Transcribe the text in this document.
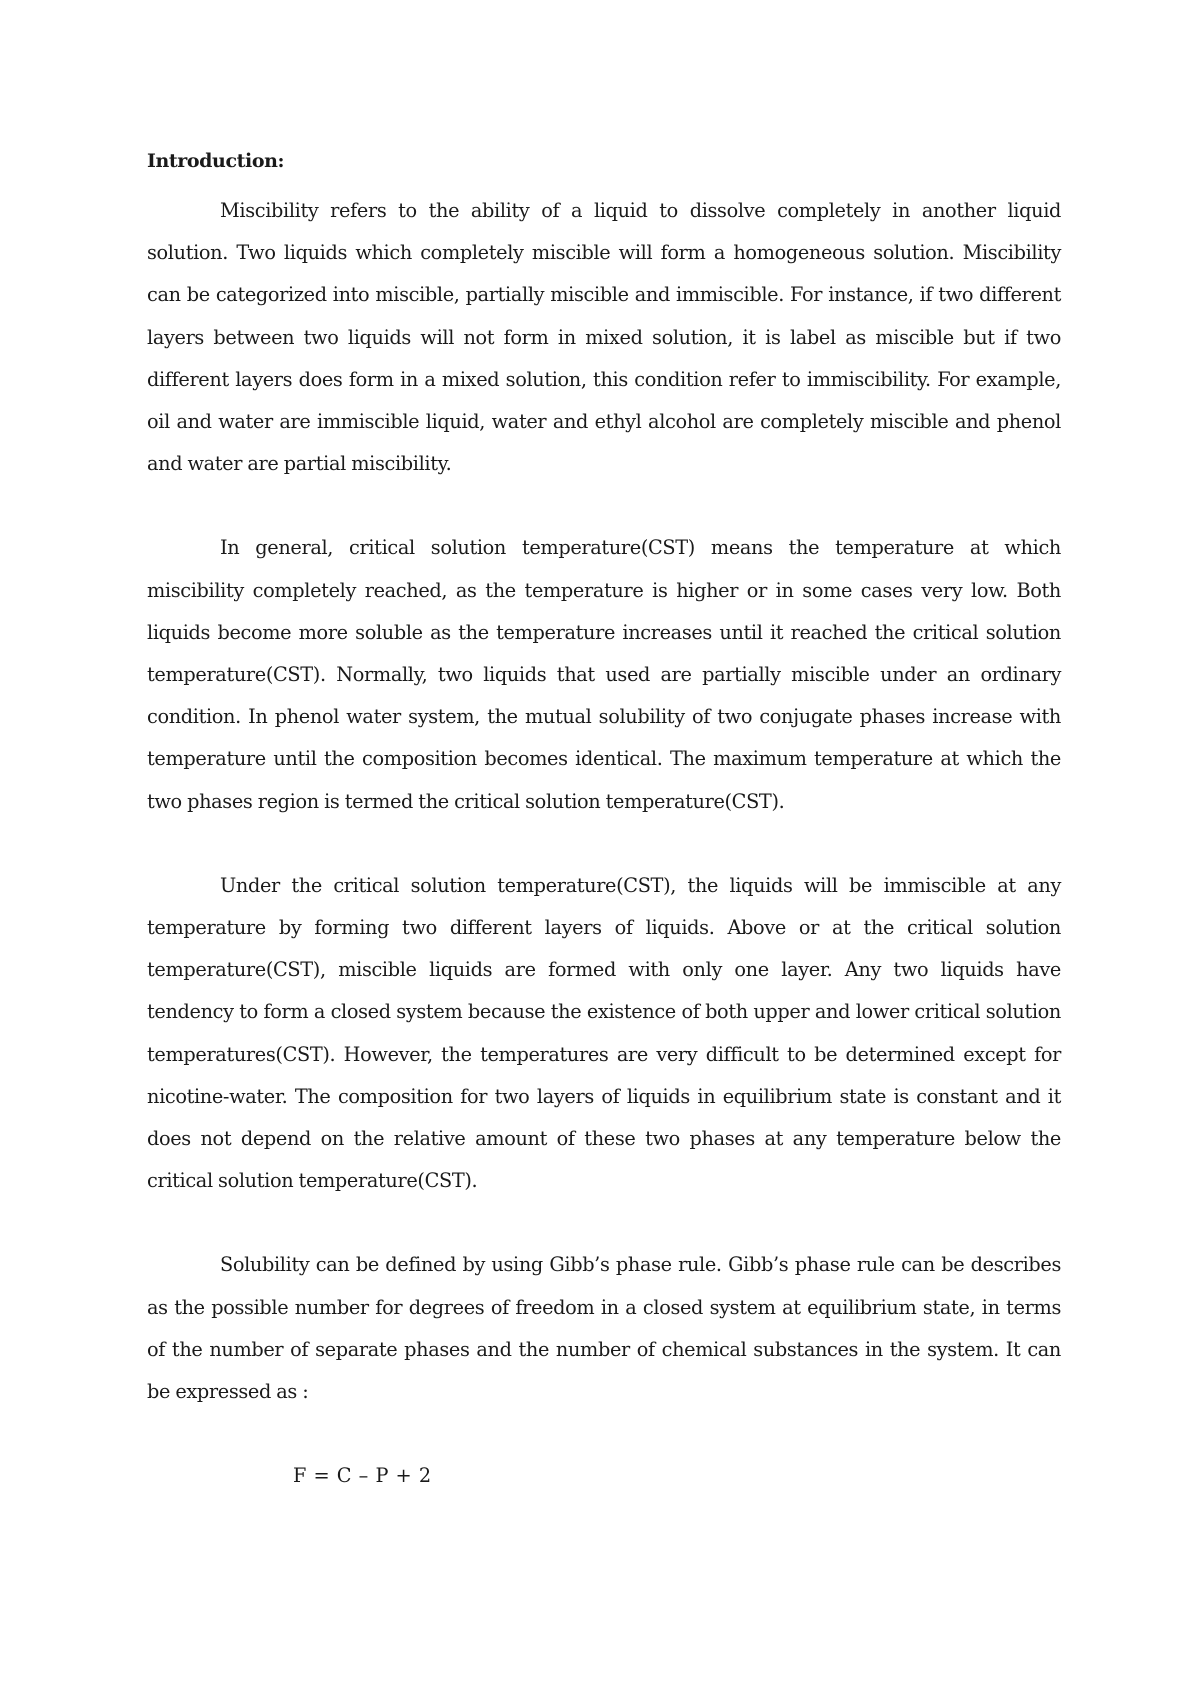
Introduction:

Miscibility refers to the ability of a liquid to dissolve completely in another liquid solution. Two liquids which completely miscible will form a homogeneous solution. Miscibility can be categorized into miscible, partially miscible and immiscible. For instance, if two different layers between two liquids will not form in mixed solution, it is label as miscible but if two different layers does form in a mixed solution, this condition refer to immiscibility. For example, oil and water are immiscible liquid, water and ethyl alcohol are completely miscible and phenol and water are partial miscibility.

In general, critical solution temperature(CST) means the temperature at which miscibility completely reached, as the temperature is higher or in some cases very low. Both liquids become more soluble as the temperature increases until it reached the critical solution temperature(CST). Normally, two liquids that used are partially miscible under an ordinary condition. In phenol water system, the mutual solubility of two conjugate phases increase with temperature until the composition becomes identical. The maximum temperature at which the two phases region is termed the critical solution temperature(CST).

Under the critical solution temperature(CST), the liquids will be immiscible at any temperature by forming two different layers of liquids. Above or at the critical solution temperature(CST), miscible liquids are formed with only one layer. Any two liquids have tendency to form a closed system because the existence of both upper and lower critical solution temperatures(CST). However, the temperatures are very difficult to be determined except for nicotine-water. The composition for two layers of liquids in equilibrium state is constant and it does not depend on the relative amount of these two phases at any temperature below the critical solution temperature(CST).

Solubility can be defined by using Gibb’s phase rule. Gibb’s phase rule can be describes as the possible number for degrees of freedom in a closed system at equilibrium state, in terms of the number of separate phases and the number of chemical substances in the system. It can be expressed as :

F = C – P + 2
